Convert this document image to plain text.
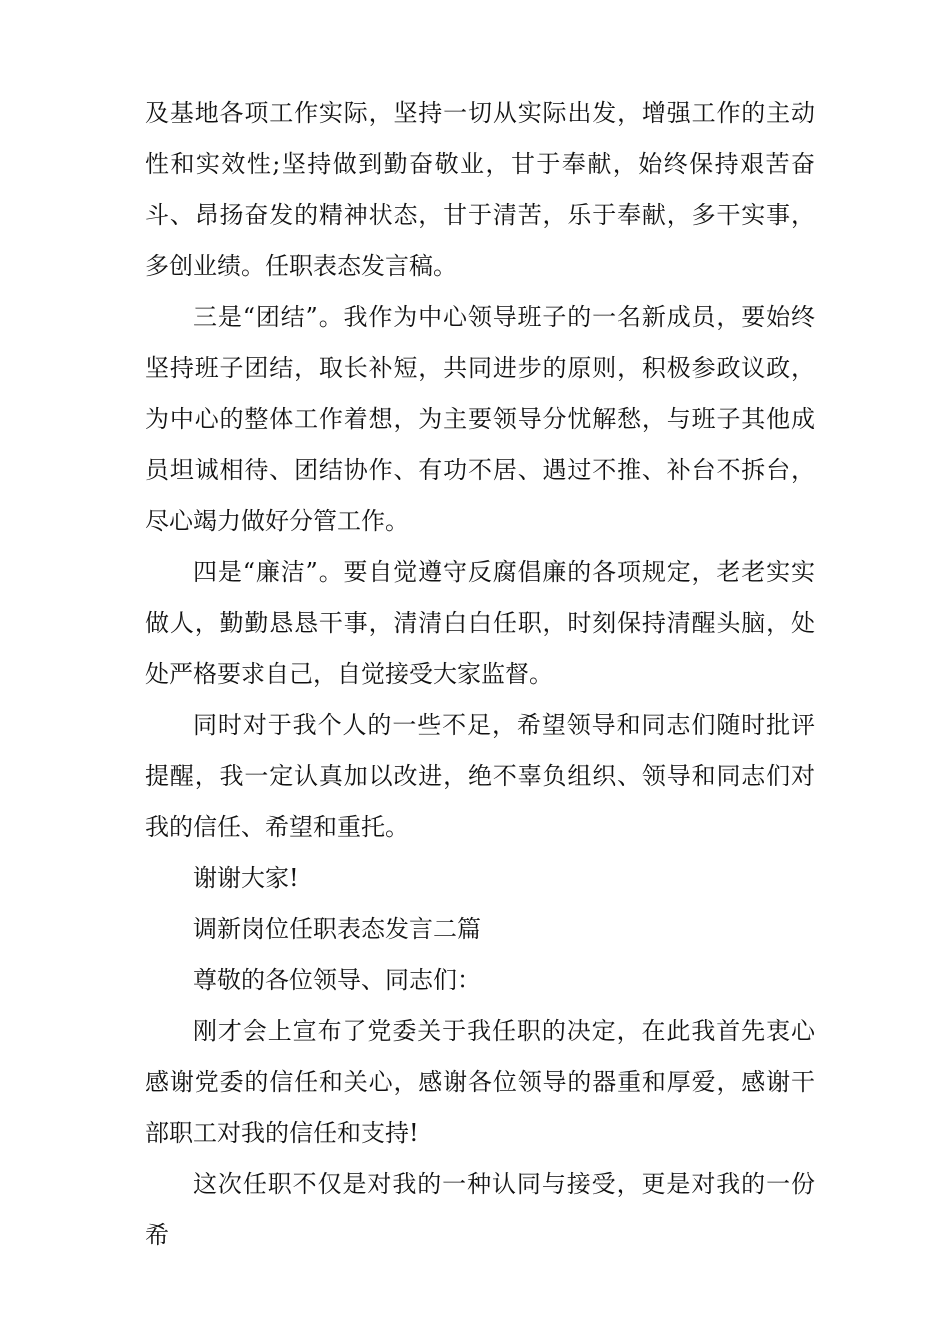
及基地各项工作实际，坚持一切从实际出发，增强工作的主动性和实效性;坚持做到勤奋敬业，甘于奉献，始终保持艰苦奋斗、昂扬奋发的精神状态，甘于清苦，乐于奉献，多干实事，多创业绩。任职表态发言稿。

三是“团结”。我作为中心领导班子的一名新成员，要始终坚持班子团结，取长补短，共同进步的原则，积极参政议政，为中心的整体工作着想，为主要领导分忧解愁，与班子其他成员坦诚相待、团结协作、有功不居、遇过不推、补台不拆台，尽心竭力做好分管工作。

四是“廉洁”。要自觉遵守反腐倡廉的各项规定，老老实实做人，勤勤恳恳干事，清清白白任职，时刻保持清醒头脑，处处严格要求自己，自觉接受大家监督。

同时对于我个人的一些不足，希望领导和同志们随时批评提醒，我一定认真加以改进，绝不辜负组织、领导和同志们对我的信任、希望和重托。

谢谢大家!

调新岗位任职表态发言二篇

尊敬的各位领导、同志们：

刚才会上宣布了党委关于我任职的决定，在此我首先衷心感谢党委的信任和关心，感谢各位领导的器重和厚爱，感谢干部职工对我的信任和支持!

这次任职不仅是对我的一种认同与接受，更是对我的一份希
